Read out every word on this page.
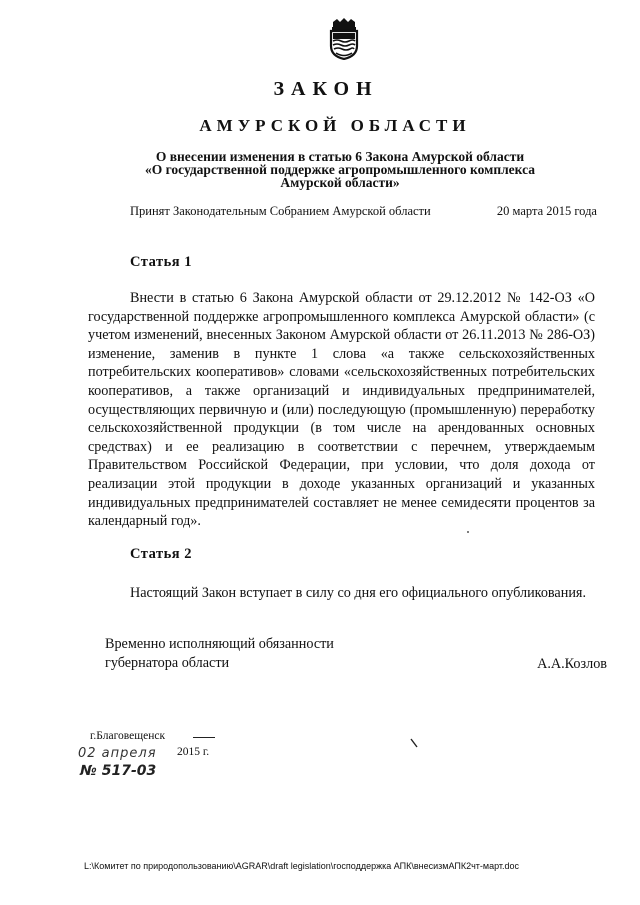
ЗАКОН
АМУРСКОЙ ОБЛАСТИ
О внесении изменения в статью 6 Закона Амурской области
«О государственной поддержке агропромышленного комплекса
Амурской области»
Принят Законодательным Собранием Амурской области	20 марта 2015 года
Статья 1
Внести в статью 6 Закона Амурской области от 29.12.2012 № 142-ОЗ «О государственной поддержке агропромышленного комплекса Амурской области» (с учетом изменений, внесенных Законом Амурской области от 26.11.2013 № 286-ОЗ) изменение, заменив в пункте 1 слова «а также сельскохозяйственных потребительских кооперативов» словами «сельскохозяйственных потребительских кооперативов, а также организаций и индивидуальных предпринимателей, осуществляющих первичную и (или) последующую (промышленную) переработку сельскохозяйственной продукции (в том числе на арендованных основных средствах) и ее реализацию в соответствии с перечнем, утверждаемым Правительством Российской Федерации, при условии, что доля дохода от реализации этой продукции в доходе указанных организаций и указанных индивидуальных предпринимателей составляет не менее семидесяти процентов за календарный год».
Статья 2
Настоящий Закон вступает в силу со дня его официального опубликования.
Временно исполняющий обязанности
губернатора области	А.А.Козлов
г.Благовещенск
02 апреля 2015 г.
№ 517-03
L:\Комитет по природопользованию\AGRAR\draft legislation\господдержка АПК\внесизмАПК2чт-март.doc
